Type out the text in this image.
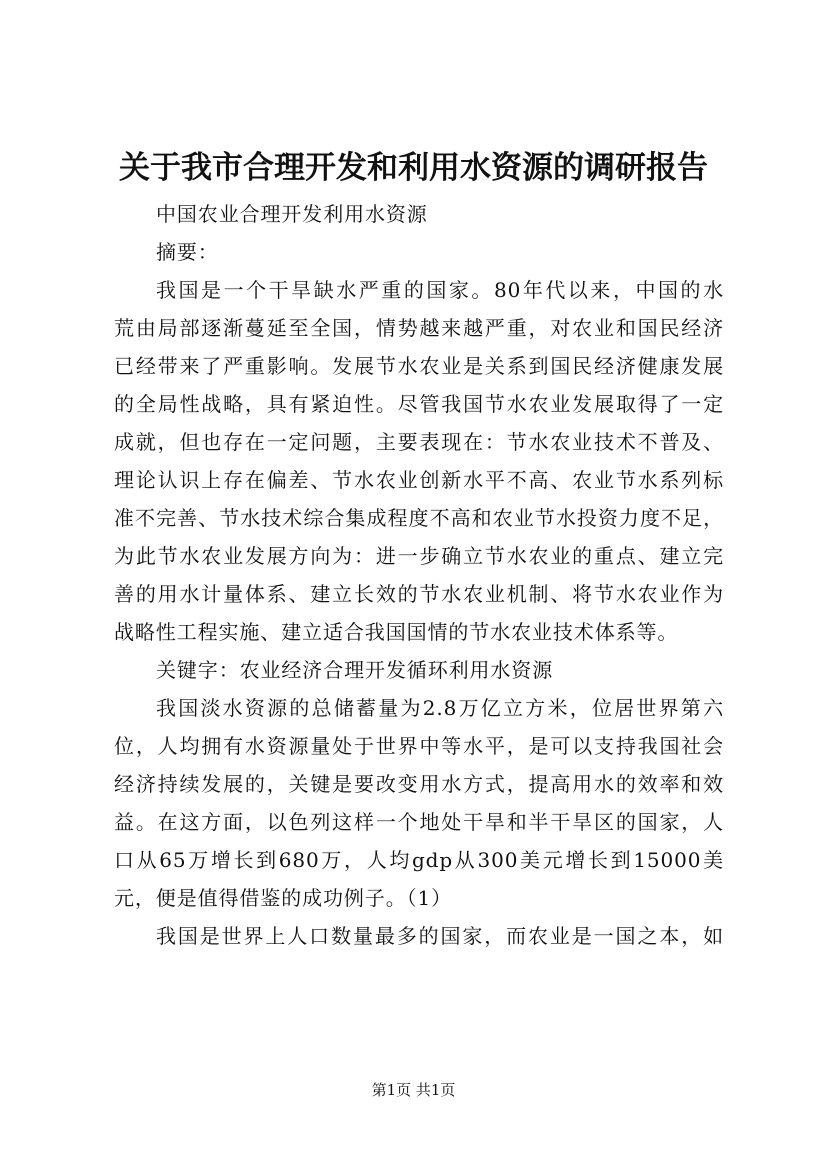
关于我市合理开发和利用水资源的调研报告
中国农业合理开发利用水资源
摘要：
我国是一个干旱缺水严重的国家。80年代以来，中国的水
荒由局部逐渐蔓延至全国，情势越来越严重，对农业和国民经济
已经带来了严重影响。发展节水农业是关系到国民经济健康发展
的全局性战略，具有紧迫性。尽管我国节水农业发展取得了一定
成就，但也存在一定问题，主要表现在：节水农业技术不普及、
理论认识上存在偏差、节水农业创新水平不高、农业节水系列标
准不完善、节水技术综合集成程度不高和农业节水投资力度不足，
为此节水农业发展方向为：进一步确立节水农业的重点、建立完
善的用水计量体系、建立长效的节水农业机制、将节水农业作为
战略性工程实施、建立适合我国国情的节水农业技术体系等。
关键字：农业经济合理开发循环利用水资源
我国淡水资源的总储蓄量为2.8万亿立方米，位居世界第六
位，人均拥有水资源量处于世界中等水平，是可以支持我国社会
经济持续发展的，关键是要改变用水方式，提高用水的效率和效
益。在这方面，以色列这样一个地处干旱和半干旱区的国家，人
口从65万增长到680万，人均gdp从300美元增长到15000美
元，便是值得借鉴的成功例子。（1）
我国是世界上人口数量最多的国家，而农业是一国之本，如
第1页 共1页
